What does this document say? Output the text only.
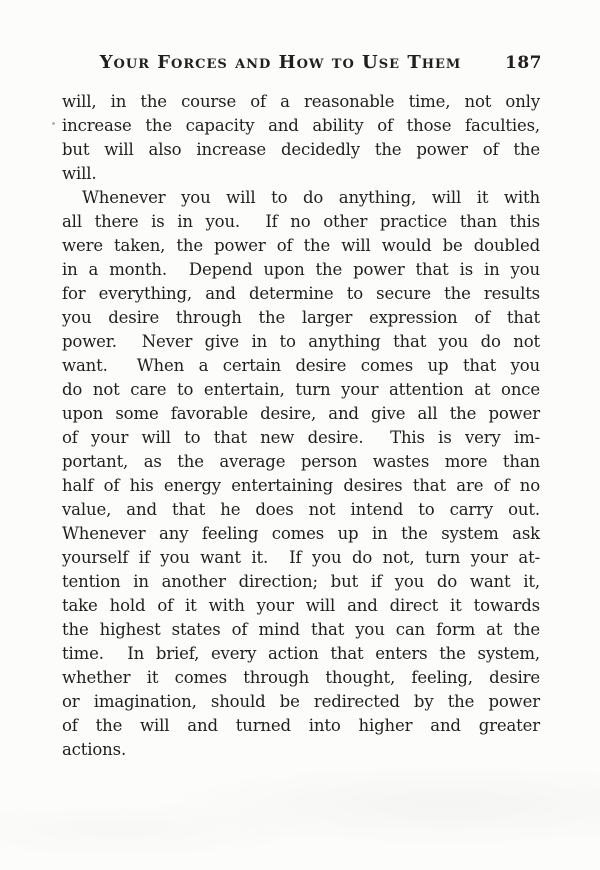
Your Forces and How to Use Them	187
will, in the course of a reasonable time, not only
increase the capacity and ability of those faculties,
but will also increase decidedly the power of the
will.
Whenever you will to do anything, will it with
all there is in you.  If no other practice than this
were taken, the power of the will would be doubled
in a month.  Depend upon the power that is in you
for everything, and determine to secure the results
you desire through the larger expression of that
power.  Never give in to anything that you do not
want.  When a certain desire comes up that you
do not care to entertain, turn your attention at once
upon some favorable desire, and give all the power
of your will to that new desire.  This is very im-
portant, as the average person wastes more than
half of his energy entertaining desires that are of no
value, and that he does not intend to carry out.
Whenever any feeling comes up in the system ask
yourself if you want it.  If you do not, turn your at-
tention in another direction; but if you do want it,
take hold of it with your will and direct it towards
the highest states of mind that you can form at the
time.  In brief, every action that enters the system,
whether it comes through thought, feeling, desire
or imagination, should be redirected by the power
of the will and turned into higher and greater
actions.
